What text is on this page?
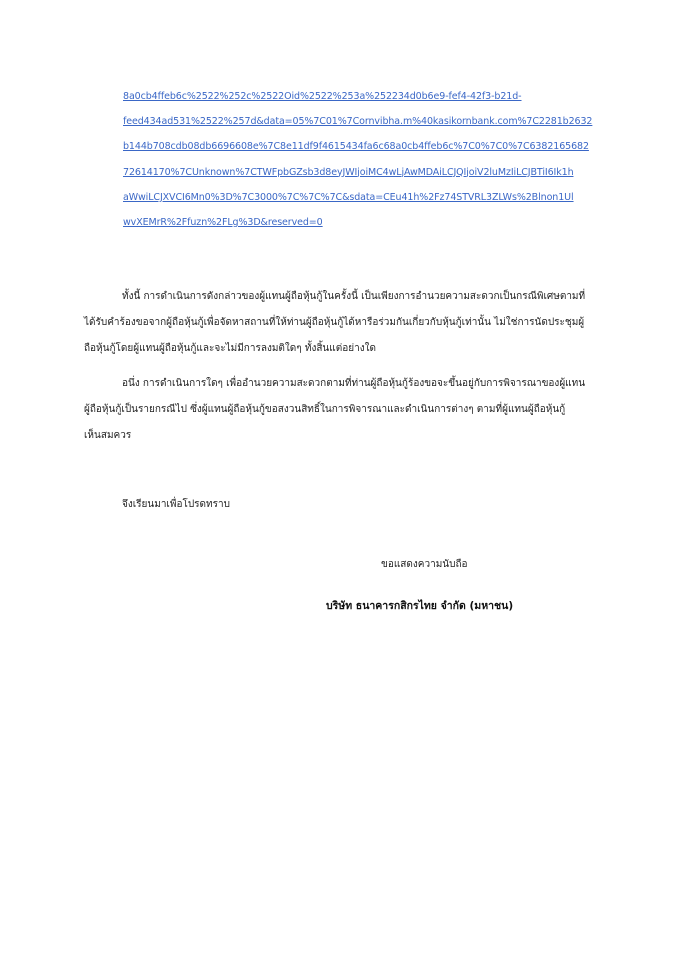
8a0cb4ffeb6c%2522%252c%2522Oid%2522%253a%252234d0b6e9-fef4-42f3-b21d-
feed434ad531%2522%257d&data=05%7C01%7Cornvibha.m%40kasikornbank.com%7C2281b2632
b144b708cdb08db6696608e%7C8e11df9f4615434fa6c68a0cb4ffeb6c%7C0%7C0%7C6382165682
72614170%7CUnknown%7CTWFpbGZsb3d8eyJWIjoiMC4wLjAwMDAiLCJQIjoiV2luMzIiLCJBTiI6Ik1h
aWwiLCJXVCI6Mn0%3D%7C3000%7C%7C%7C&sdata=CEu41h%2Fz74STVRL3ZLWs%2Blnon1Ul
wvXEMrR%2Ffuzn%2FLg%3D&reserved=0
ทั้งนี้ การดำเนินการดังกล่าวของผู้แทนผู้ถือหุ้นกู้ในครั้งนี้ เป็นเพียงการอำนวยความสะดวกเป็นกรณีพิเศษตามที่
ได้รับคำร้องขอจากผู้ถือหุ้นกู้เพื่อจัดหาสถานที่ให้ท่านผู้ถือหุ้นกู้ได้หารือร่วมกันเกี่ยวกับหุ้นกู้เท่านั้น ไม่ใช่การนัดประชุมผู้
ถือหุ้นกู้โดยผู้แทนผู้ถือหุ้นกู้และจะไม่มีการลงมติใดๆ ทั้งสิ้นแต่อย่างใด
อนึ่ง การดำเนินการใดๆ เพื่ออำนวยความสะดวกตามที่ท่านผู้ถือหุ้นกู้ร้องขอจะขึ้นอยู่กับการพิจารณาของผู้แทน
ผู้ถือหุ้นกู้เป็นรายกรณีไป ซึ่งผู้แทนผู้ถือหุ้นกู้ขอสงวนสิทธิ์ในการพิจารณาและดำเนินการต่างๆ ตามที่ผู้แทนผู้ถือหุ้นกู้
เห็นสมควร
จึงเรียนมาเพื่อโปรดทราบ
ขอแสดงความนับถือ
บริษัท ธนาคารกสิกรไทย จำกัด (มหาชน)
